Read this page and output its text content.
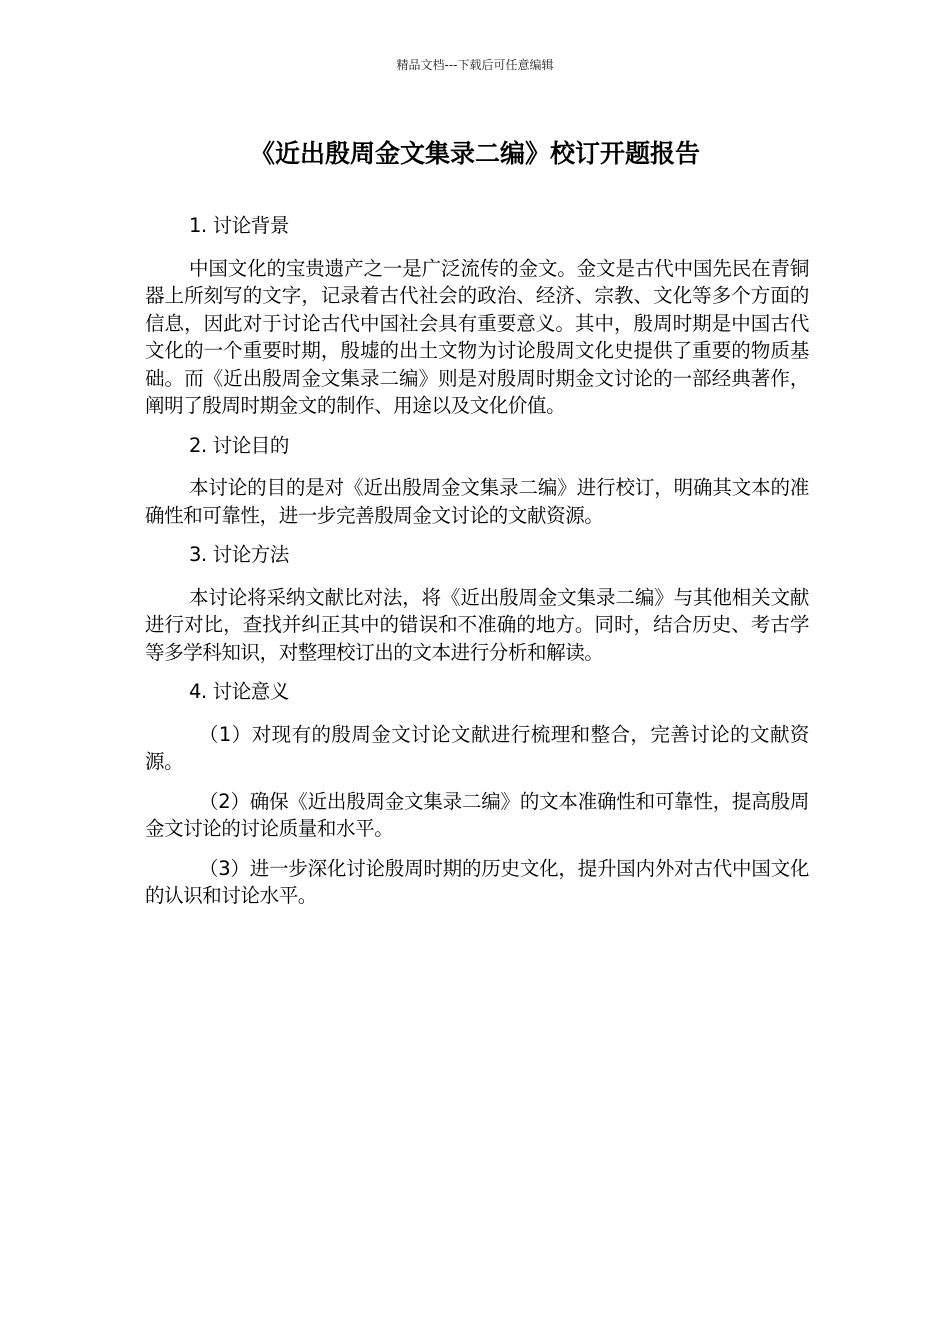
精品文档---下载后可任意编辑
《近出殷周金文集录二编》校订开题报告

1. 讨论背景

中国文化的宝贵遗产之一是广泛流传的金文。金文是古代中国先民在青铜器上所刻写的文字，记录着古代社会的政治、经济、宗教、文化等多个方面的信息，因此对于讨论古代中国社会具有重要意义。其中，殷周时期是中国古代文化的一个重要时期，殷墟的出土文物为讨论殷周文化史提供了重要的物质基础。而《近出殷周金文集录二编》则是对殷周时期金文讨论的一部经典著作，阐明了殷周时期金文的制作、用途以及文化价值。

2. 讨论目的

本讨论的目的是对《近出殷周金文集录二编》进行校订，明确其文本的准确性和可靠性，进一步完善殷周金文讨论的文献资源。

3. 讨论方法

本讨论将采纳文献比对法，将《近出殷周金文集录二编》与其他相关文献进行对比，查找并纠正其中的错误和不准确的地方。同时，结合历史、考古学等多学科知识，对整理校订出的文本进行分析和解读。

4. 讨论意义

（1）对现有的殷周金文讨论文献进行梳理和整合，完善讨论的文献资源。

（2）确保《近出殷周金文集录二编》的文本准确性和可靠性，提高殷周金文讨论的讨论质量和水平。

（3）进一步深化讨论殷周时期的历史文化，提升国内外对古代中国文化的认识和讨论水平。
